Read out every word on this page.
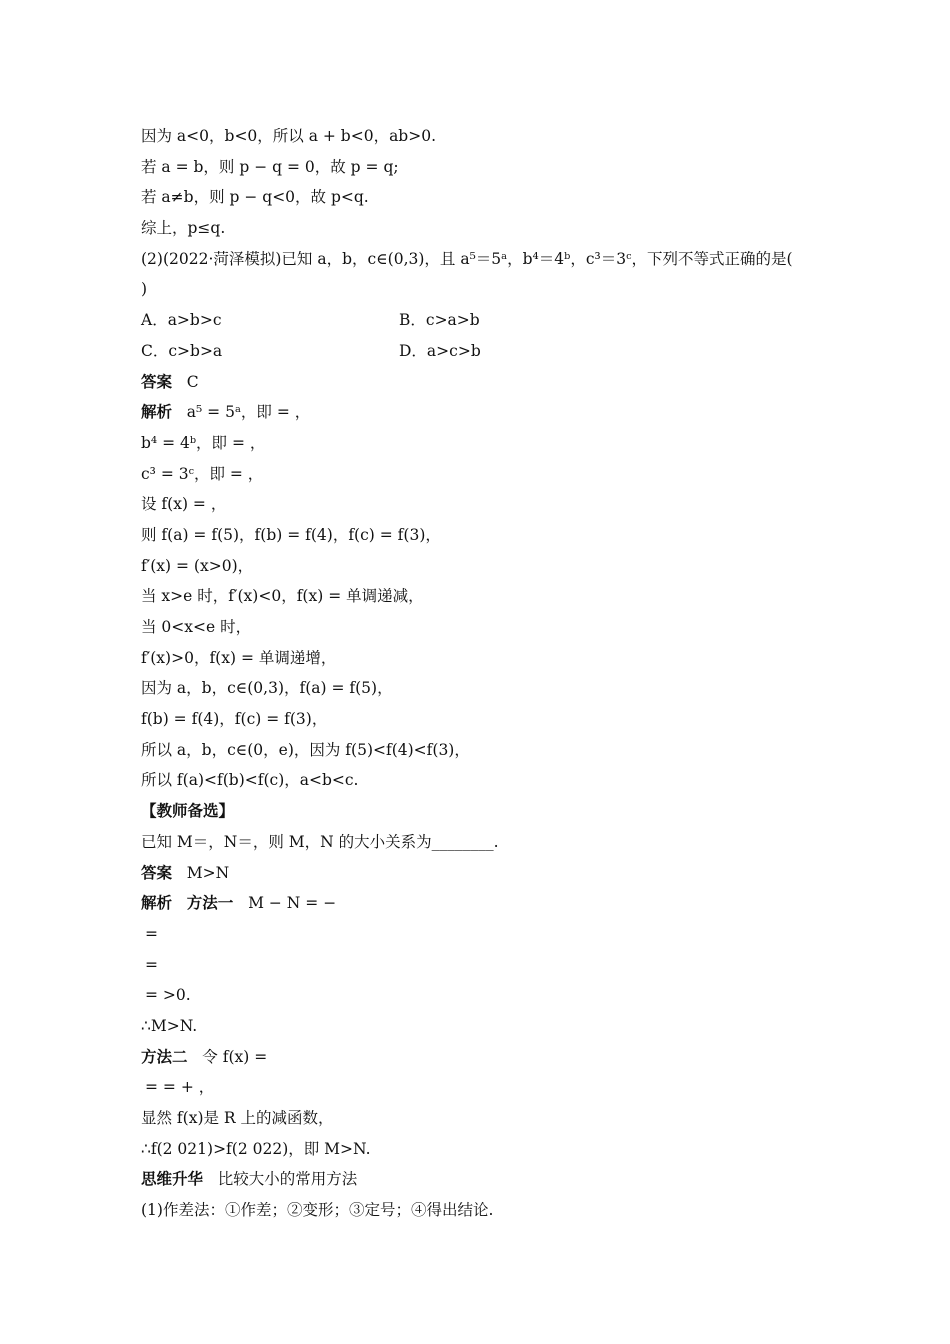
因为 a<0，b<0，所以 a + b<0，ab>0.
若 a = b，则 p − q = 0，故 p = q;
若 a≠b，则 p − q<0，故 p<q.
综上，p≤q.
(2)(2022·菏泽模拟)已知 a，b，c∈(0,3)，且 a⁵＝5ᵃ，b⁴＝4ᵇ，c³＝3ᶜ，下列不等式正确的是(
)
A．a>b>c	B．c>a>b
C．c>b>a	D．a>c>b
答案 C
解析 a⁵ = 5ᵃ，即 = ，
b⁴ = 4ᵇ，即 = ，
c³ = 3ᶜ，即 = ，
设 f(x) = ，
则 f(a) = f(5)，f(b) = f(4)，f(c) = f(3)，
f′(x) = (x>0)，
当 x>e 时，f′(x)<0，f(x) = 单调递减，
当 0<x<e 时，
f′(x)>0，f(x) = 单调递增，
因为 a，b，c∈(0,3)，f(a) = f(5)，
f(b) = f(4)，f(c) = f(3)，
所以 a，b，c∈(0，e)，因为 f(5)<f(4)<f(3)，
所以 f(a)<f(b)<f(c)，a<b<c.
【教师备选】
已知 M＝，N＝，则 M，N 的大小关系为________.
答案 M>N
解析 方法一 M − N = −
=
=
= >0.
∴M>N.
方法二 令 f(x) =
= = + ，
显然 f(x)是 R 上的减函数，
∴f(2 021)>f(2 022)，即 M>N.
思维升华 比较大小的常用方法
(1)作差法：①作差；②变形；③定号；④得出结论.
